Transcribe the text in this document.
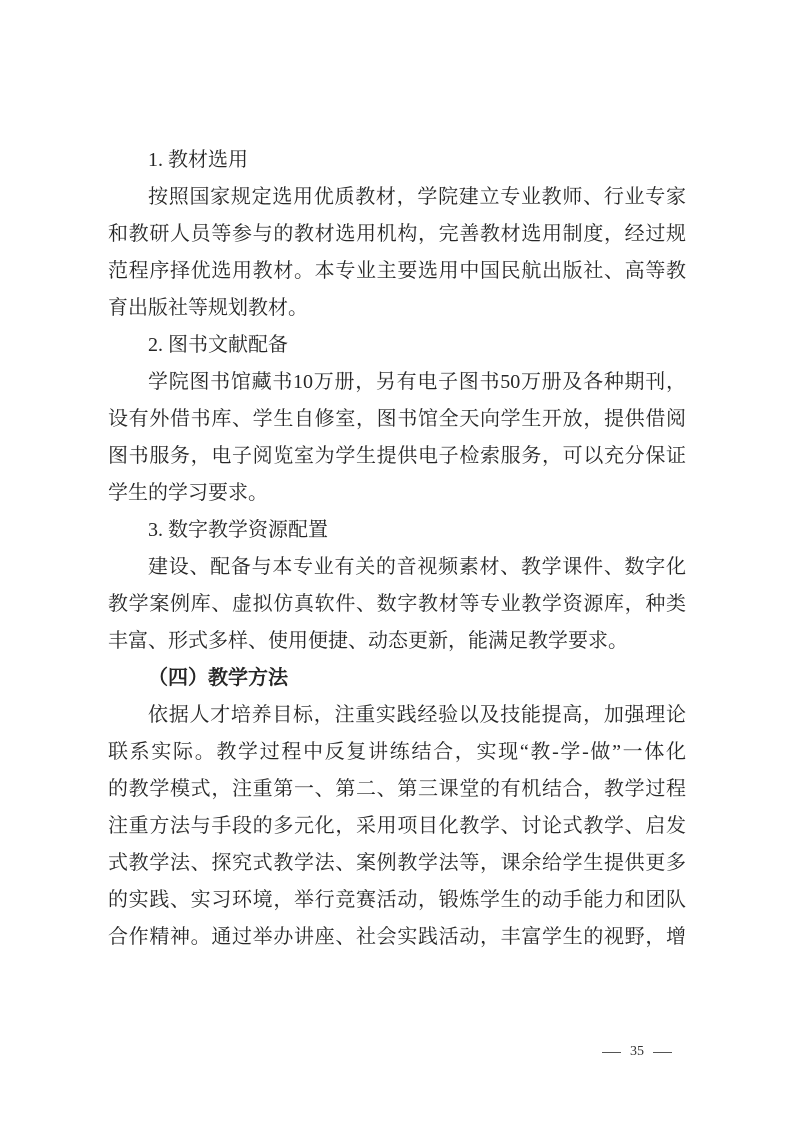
1. 教材选用
按照国家规定选用优质教材，学院建立专业教师、行业专家
和教研人员等参与的教材选用机构，完善教材选用制度，经过规
范程序择优选用教材。本专业主要选用中国民航出版社、高等教
育出版社等规划教材。
2. 图书文献配备
学院图书馆藏书10万册，另有电子图书50万册及各种期刊，
设有外借书库、学生自修室，图书馆全天向学生开放，提供借阅
图书服务，电子阅览室为学生提供电子检索服务，可以充分保证
学生的学习要求。
3. 数字教学资源配置
建设、配备与本专业有关的音视频素材、教学课件、数字化
教学案例库、虚拟仿真软件、数字教材等专业教学资源库，种类
丰富、形式多样、使用便捷、动态更新，能满足教学要求。
（四）教学方法
依据人才培养目标，注重实践经验以及技能提高，加强理论
联系实际。教学过程中反复讲练结合，实现“教-学-做”一体化
的教学模式，注重第一、第二、第三课堂的有机结合，教学过程
注重方法与手段的多元化，采用项目化教学、讨论式教学、启发
式教学法、探究式教学法、案例教学法等，课余给学生提供更多
的实践、实习环境，举行竞赛活动，锻炼学生的动手能力和团队
合作精神。通过举办讲座、社会实践活动，丰富学生的视野，增
35
